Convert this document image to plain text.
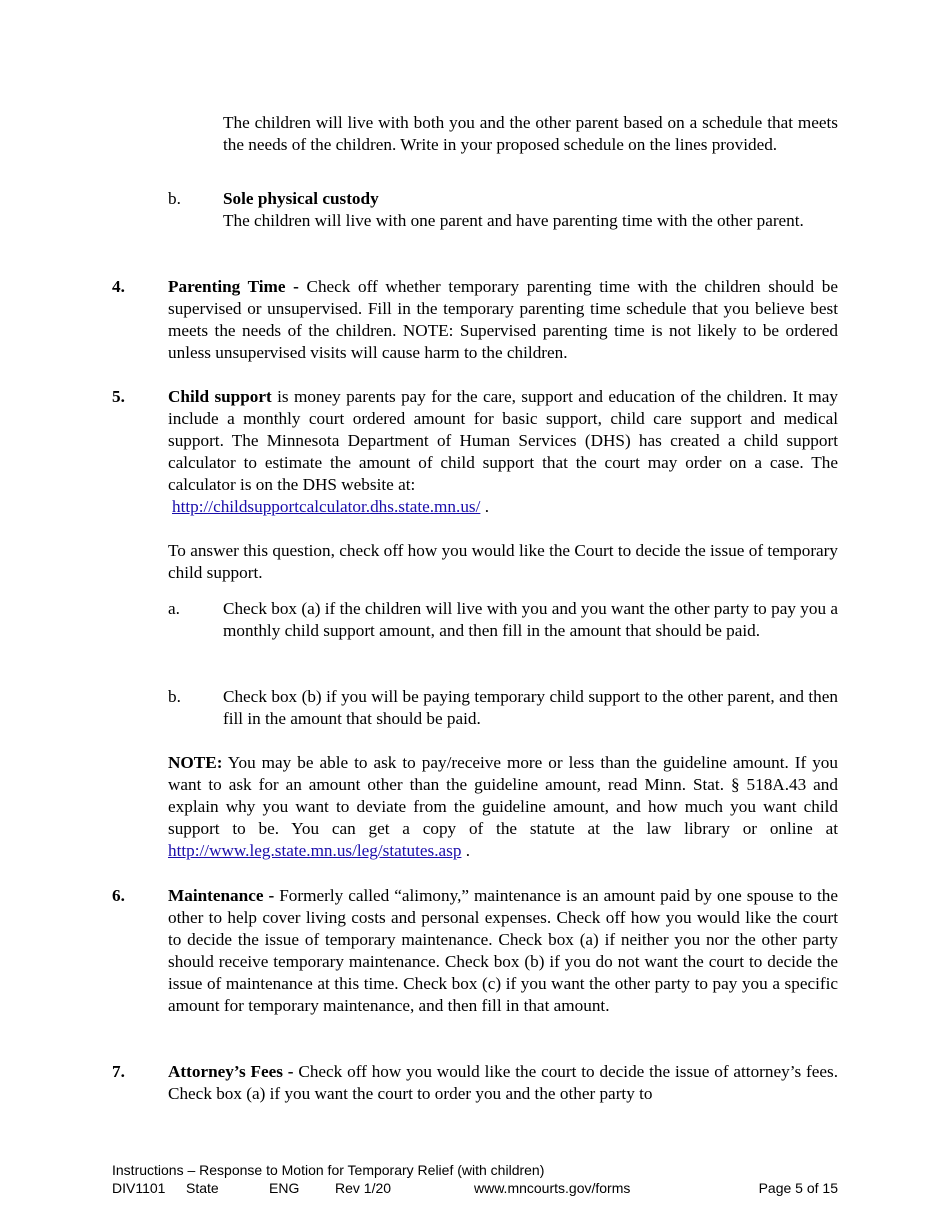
The children will live with both you and the other parent based on a schedule that meets the needs of the children. Write in your proposed schedule on the lines provided.
b. Sole physical custody
The children will live with one parent and have parenting time with the other parent.
4.	Parenting Time - Check off whether temporary parenting time with the children should be supervised or unsupervised. Fill in the temporary parenting time schedule that you believe best meets the needs of the children. NOTE: Supervised parenting time is not likely to be ordered unless unsupervised visits will cause harm to the children.
5.	Child support is money parents pay for the care, support and education of the children. It may include a monthly court ordered amount for basic support, child care support and medical support. The Minnesota Department of Human Services (DHS) has created a child support calculator to estimate the amount of child support that the court may order on a case. The calculator is on the DHS website at:
http://childsupportcalculator.dhs.state.mn.us/ .
To answer this question, check off how you would like the Court to decide the issue of temporary child support.
a.	Check box (a) if the children will live with you and you want the other party to pay you a monthly child support amount, and then fill in the amount that should be paid.
b. Check box (b) if you will be paying temporary child support to the other parent, and then fill in the amount that should be paid.
NOTE: You may be able to ask to pay/receive more or less than the guideline amount. If you want to ask for an amount other than the guideline amount, read Minn. Stat. § 518A.43 and explain why you want to deviate from the guideline amount, and how much you want child support to be. You can get a copy of the statute at the law library or online at http://www.leg.state.mn.us/leg/statutes.asp .
6.	Maintenance - Formerly called “alimony,” maintenance is an amount paid by one spouse to the other to help cover living costs and personal expenses. Check off how you would like the court to decide the issue of temporary maintenance. Check box (a) if neither you nor the other party should receive temporary maintenance. Check box (b) if you do not want the court to decide the issue of maintenance at this time. Check box (c) if you want the other party to pay you a specific amount for temporary maintenance, and then fill in that amount.
7.	Attorney’s Fees - Check off how you would like the court to decide the issue of attorney’s fees. Check box (a) if you want the court to order you and the other party to
Instructions – Response to Motion for Temporary Relief (with children)
DIV1101 State	ENG	Rev 1/20	www.mncourts.gov/forms	Page 5 of 15
